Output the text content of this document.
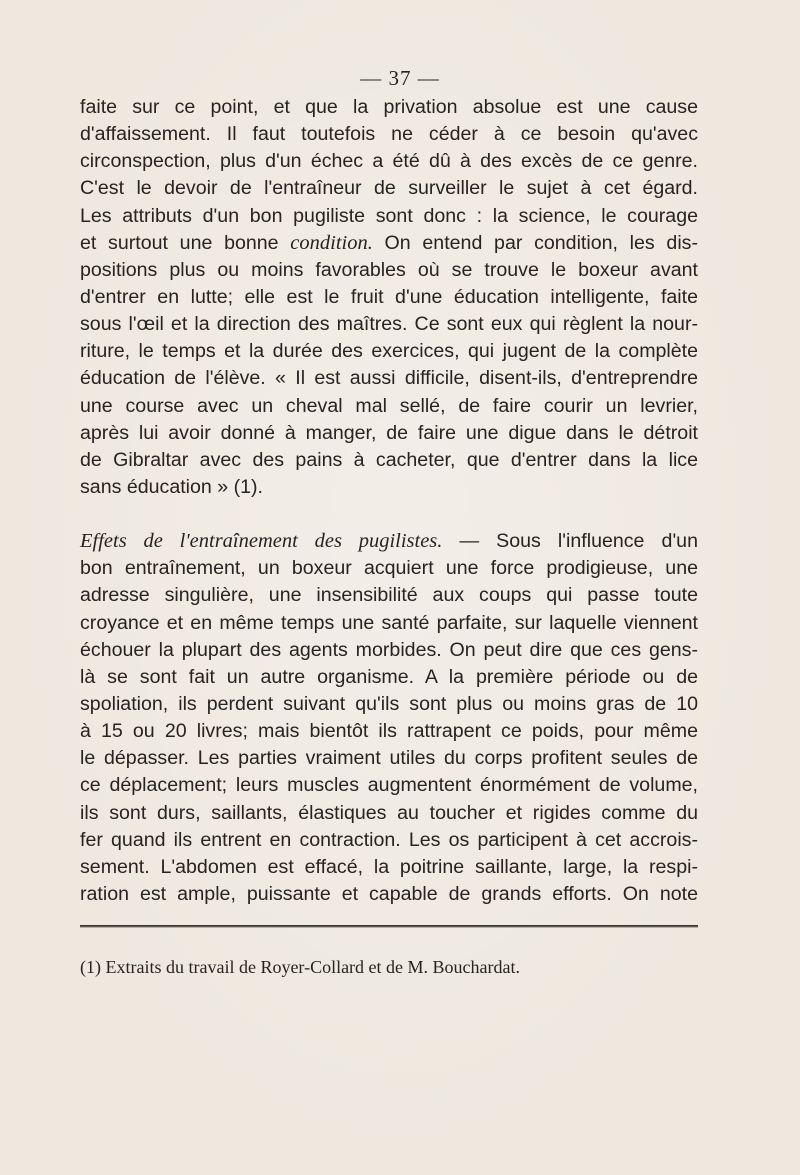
— 37 —
faite sur ce point, et que la privation absolue est une cause
d'affaissement. Il faut toutefois ne céder à ce besoin qu'avec
circonspection, plus d'un échec a été dû à des excès de ce genre.
C'est le devoir de l'entraîneur de surveiller le sujet à cet égard.
Les attributs d'un bon pugiliste sont donc : la science, le courage
et surtout une bonne condition. On entend par condition, les dis-
positions plus ou moins favorables où se trouve le boxeur avant
d'entrer en lutte; elle est le fruit d'une éducation intelligente, faite
sous l'œil et la direction des maîtres. Ce sont eux qui règlent la nour-
riture, le temps et la durée des exercices, qui jugent de la complète
éducation de l'élève. « Il est aussi difficile, disent-ils, d'entreprendre
une course avec un cheval mal sellé, de faire courir un levrier,
après lui avoir donné à manger, de faire une digue dans le détroit
de Gibraltar avec des pains à cacheter, que d'entrer dans la lice
sans éducation » (1).
Effets de l'entraînement des pugilistes. — Sous l'influence d'un
bon entraînement, un boxeur acquiert une force prodigieuse, une
adresse singulière, une insensibilité aux coups qui passe toute
croyance et en même temps une santé parfaite, sur laquelle viennent
échouer la plupart des agents morbides. On peut dire que ces gens-
là se sont fait un autre organisme. A la première période ou de
spoliation, ils perdent suivant qu'ils sont plus ou moins gras de 10
à 15 ou 20 livres; mais bientôt ils rattrapent ce poids, pour même
le dépasser. Les parties vraiment utiles du corps profitent seules de
ce déplacement; leurs muscles augmentent énormément de volume,
ils sont durs, saillants, élastiques au toucher et rigides comme du
fer quand ils entrent en contraction. Les os participent à cet accrois-
sement. L'abdomen est effacé, la poitrine saillante, large, la respi-
ration est ample, puissante et capable de grands efforts. On note
(1) Extraits du travail de Royer-Collard et de M. Bouchardat.
